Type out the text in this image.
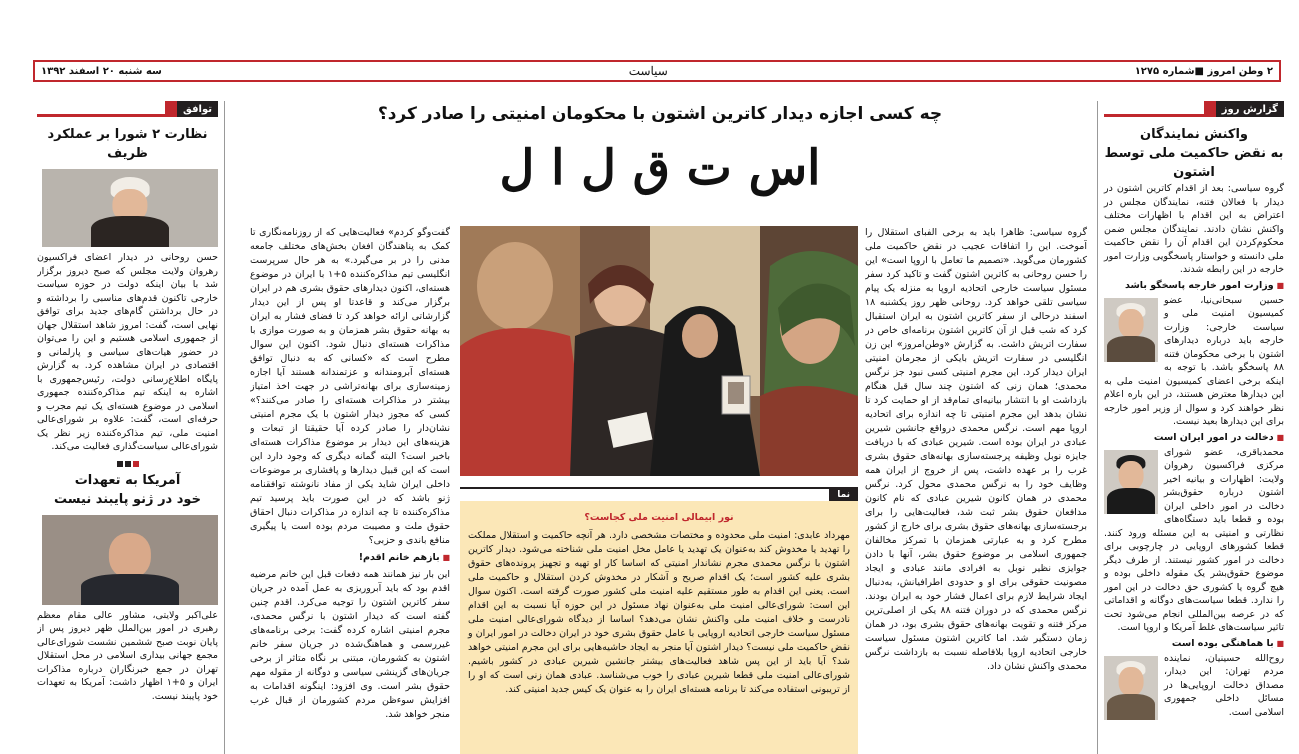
سه شنبه ۲۰ اسفند ۱۳۹۲	سیاست	۲ وطن امروز ■شماره ۱۲۷۵
گزارش روز
واکنش نمایندگان
به نقض حاکمیت ملی توسط اشتون

گروه سیاسی: بعد از اقدام کاترین اشتون در دیدار با فعالان فتنه، نمایندگان مجلس در اعتراض به این اقدام با اظهارات مختلف واکنش نشان دادند. نمایندگان مجلس ضمن محکوم‌کردن این اقدام آن را نقض حاکمیت ملی دانسته و خواستار پاسخگویی وزارت امور خارجه در این رابطه شدند.

■ وزارت امور خارجه پاسخگو باشد

حسین سبحانی‌نیا، عضو کمیسیون امنیت ملی و سیاست خارجی: وزارت خارجه باید درباره دیدارهای اشتون با برخی محکومان فتنه ۸۸ پاسخگو باشد. با توجه به اینکه برخی اعضای کمیسیون امنیت ملی به این دیدارها معترض هستند، در این باره اعلام نظر خواهند کرد و سوال از وزیر امور خارجه برای این دیدارها بعید نیست.

■ دخالت در امور ایران است

محمدباقری، عضو شورای مرکزی فراکسیون رهروان ولایت: اظهارات و بیانیه اخیر اشتون درباره حقوق‌بشر دخالت در امور داخلی ایران بوده و قطعا باید دستگاه‌های نظارتی و امنیتی به این مسئله ورود کنند. قطعا کشورهای اروپایی در چارچوبی برای دخالت در امور کشور نیستند. از طرف دیگر موضوع حقوق‌بشر یک مقوله داخلی بوده و هیچ گروه یا کشوری حق دخالت در این امور را ندارد. قطعا سیاست‌های دوگانه و اقداماتی که در عرصه بین‌المللی انجام می‌شود تحت تاثیر سیاست‌های غلط آمریکا و اروپا است.

■ با هماهنگی بوده است

روح‌الله حسینیان، نماینده مردم تهران: این دیدار، مصداق دخالت اروپایی‌ها در مسائل داخلی جمهوری اسلامی است.

توافق
نظارت ۲ شورا بر عملکرد ظریف

حسن روحانی در دیدار اعضای فراکسیون رهروان ولایت مجلس که صبح دیروز برگزار شد با بیان اینکه دولت در حوزه سیاست خارجی تاکنون قدم‌های مناسبی را برداشته و در حال برداشتن گام‌های جدید برای توافق نهایی است، گفت: امروز شاهد استقلال جهان از جمهوری اسلامی هستیم و این را می‌توان در حضور هیات‌های سیاسی و پارلمانی و اقتصادی در ایران مشاهده کرد. به گزارش پایگاه اطلاع‌رسانی دولت، رئیس‌جمهوری با اشاره به اینکه تیم مذاکره‌کننده جمهوری اسلامی در موضوع هسته‌ای یک تیم مجرب و حرفه‌ای است، گفت: علاوه بر شورای‌عالی امنیت ملی، تیم مذاکره‌کننده زیر نظر یک شورای‌عالی سیاست‌گذاری فعالیت می‌کند.

آمریکا به تعهدات
خود در ژنو پایبند نیست

علی‌اکبر ولایتی، مشاور عالی مقام معظم رهبری در امور بین‌الملل ظهر دیروز پس از پایان نوبت صبح ششمین نشست شورای‌عالی مجمع جهانی بیداری اسلامی در محل استقلال تهران در جمع خبرنگاران درباره مذاکرات ایران و ۵+۱ اظهار داشت: آمریکا به تعهدات خود پایبند نیست.

چه کسی اجازه دیدار کاترین اشتون با محکومان امنیتی را صادر کرد؟
اس ت ق ل ا ل
گروه سیاسی: ظاهرا باید به برخی الفبای استقلال را آموخت. این را اتفاقات عجیب در نقض حاکمیت ملی کشورمان می‌گوید. «تصمیم ما تعامل با اروپا است» این را حسن روحانی به کاترین اشتون گفت و تاکید کرد سفر مسئول سیاست خارجی اتحادیه اروپا به منزله یک پیام سیاسی تلقی خواهد کرد. روحانی ظهر روز یکشنبه ۱۸ اسفند درحالی از سفر کاترین اشتون به ایران استقبال کرد که شب قبل از آن کاترین اشتون برنامه‌ای خاص در سفارت اتریش داشت. به گزارش «وطن‌امروز» این زن انگلیسی در سفارت اتریش بایکی از مجرمان امنیتی ایران دیدار کرد. این مجرم امنیتی کسی نبود جز نرگس محمدی؛ همان زنی که اشتون چند سال قبل هنگام بازداشت او با انتشار بیانیه‌ای تمام‌قد از او حمایت کرد تا نشان بدهد این مجرم امنیتی تا چه اندازه برای اتحادیه اروپا مهم است. نرگس محمدی درواقع جانشین شیرین عبادی در ایران بوده است. شیرین عبادی که با دریافت جایزه نوبل وظیفه پرجسته‌سازی بهانه‌های حقوق بشری غرب را بر عهده داشت، پس از خروج از ایران همه وظایف خود را به نرگس محمدی محول کرد. نرگس محمدی در همان کانون شیرین عبادی که نام کانون مدافعان حقوق بشر ثبت شد، فعالیت‌هایی را برای برجسته‌سازی بهانه‌های حقوق بشری برای خارج از کشور مطرح کرد و به عبارتی همزمان با تمرکز مخالفان جمهوری اسلامی بر موضوع حقوق بشر، آنها با دادن جوایزی نظیر نوبل به افرادی مانند عبادی و ایجاد مصونیت حقوقی برای او و حدودی اطرافیانش، به‌دنبال ایجاد شرایط لازم برای اعمال فشار خود به ایران بودند. نرگس محمدی که در دوران فتنه ۸۸ یکی از اصلی‌ترین مرکز فتنه و تقویت بهانه‌های حقوق بشری بود، در همان زمان دستگیر شد. اما کاترین اشتون مسئول سیاست خارجی اتحادیه اروپا بلافاصله نسبت به بازداشت نرگس محمدی واکنش نشان داد.
گفت‌وگو کردم» فعالیت‌هایی که از روزنامه‌نگاری تا کمک به پناهندگان افغان بخش‌های مختلف جامعه مدنی را در بر می‌گیرد.» به هر حال سرپرست انگلیسی تیم مذاکره‌کننده ۵+۱ با ایران در موضوع هسته‌ای، اکنون دیدارهای حقوق بشری هم در ایران برگزار می‌کند و قاعدتا او پس از این دیدار گزارشاتی ارائه خواهد کرد تا فضای فشار به ایران به بهانه حقوق بشر همزمان و به صورت موازی با مذاکرات هسته‌ای دنبال شود. اکنون این سوال مطرح است که «کسانی که به دنبال توافق هسته‌ای آبرومندانه و عزتمندانه هستند آیا اجازه زمینه‌سازی برای بهانه‌تراشی در جهت اخذ امتیاز بیشتر در مذاکرات هسته‌ای را صادر می‌کنند؟» کسی که مجوز دیدار اشتون با یک مجرم امنیتی نشان‌دار را صادر کرده آیا حقیقتا از تبعات و هزینه‌های این دیدار بر موضوع مذاکرات هسته‌ای باخبر است؟ البته گمانه دیگری که وجود دارد این است که این قبیل دیدارها و پافشاری بر موضوعات داخلی ایران شاید یکی از مفاد نانوشته توافقنامه ژنو باشد که در این صورت باید پرسید تیم مذاکره‌کننده تا چه اندازه در مذاکرات دنبال احقاق حقوق ملت و مصیبت مردم بوده است یا پیگیری منافع باندی و حزبی؟
■ بازهم خانم اقدم!
این بار نیز همانند همه دفعات قبل این خانم مرضیه اقدم بود که باید آبروریزی به عمل آمده در جریان سفر کاترین اشتون را توجیه می‌کرد. اقدم چنین گفته است که دیدار اشتون با نرگس محمدی، مجرم امنیتی اشاره کرده گفت: برخی برنامه‌های غیررسمی و هماهنگ‌شده در جریان سفر خانم اشتون به کشورمان، مبتنی بر نگاه متاثر از برخی جریان‌های گزینشی سیاسی و دوگانه از مقوله مهم حقوق بشر است. وی افزود: اینگونه اقدامات به افزایش سوءظن مردم کشورمان از قبال غرب منجر خواهد شد.
نما
نور ابیمالی امنیت ملی کجاست؟
مهرداد عابدی: امنیت ملی محدوده و مختصات مشخصی دارد. هر آنچه حاکمیت و استقلال مملکت را تهدید یا مخدوش کند به‌عنوان یک تهدید یا عامل مخل امنیت ملی شناخته می‌شود. دیدار کاترین اشتون با نرگس محمدی مجرم نشاندار امنیتی که اساسا کار او تهیه و تجهیز پرونده‌های حقوق بشری علیه کشور است؛ یک اقدام صریح و آشکار در مخدوش کردن استقلال و حاکمیت ملی است. یعنی این اقدام به طور مستقیم علیه امنیت ملی کشور صورت گرفته است. اکنون سوال این است: شورای‌عالی امنیت ملی به‌عنوان نهاد مسئول در این حوزه آیا نسبت به این اقدام نادرست و خلاف امنیت ملی واکنش نشان می‌دهد؟ اساسا از دیدگاه شورای‌عالی امنیت ملی مسئول سیاست خارجی اتحادیه اروپایی با عامل حقوق بشری خود در ایران دخالت در امور ایران و نقض حاکمیت ملی نیست؟ دیدار اشتون آیا منجر به ایجاد حاشیه‌هایی برای این مجرم امنیتی خواهد شد؟ آیا باید از این پس شاهد فعالیت‌های بیشتر جانشین شیرین عبادی در کشور باشیم. شورای‌عالی امنیت ملی قطعا شیرین عبادی را خوب می‌شناسد. عبادی همان زنی است که او را از تریبونی استفاده می‌کند تا برنامه هسته‌ای ایران را به عنوان یک کیس جدید امنیتی کند.
